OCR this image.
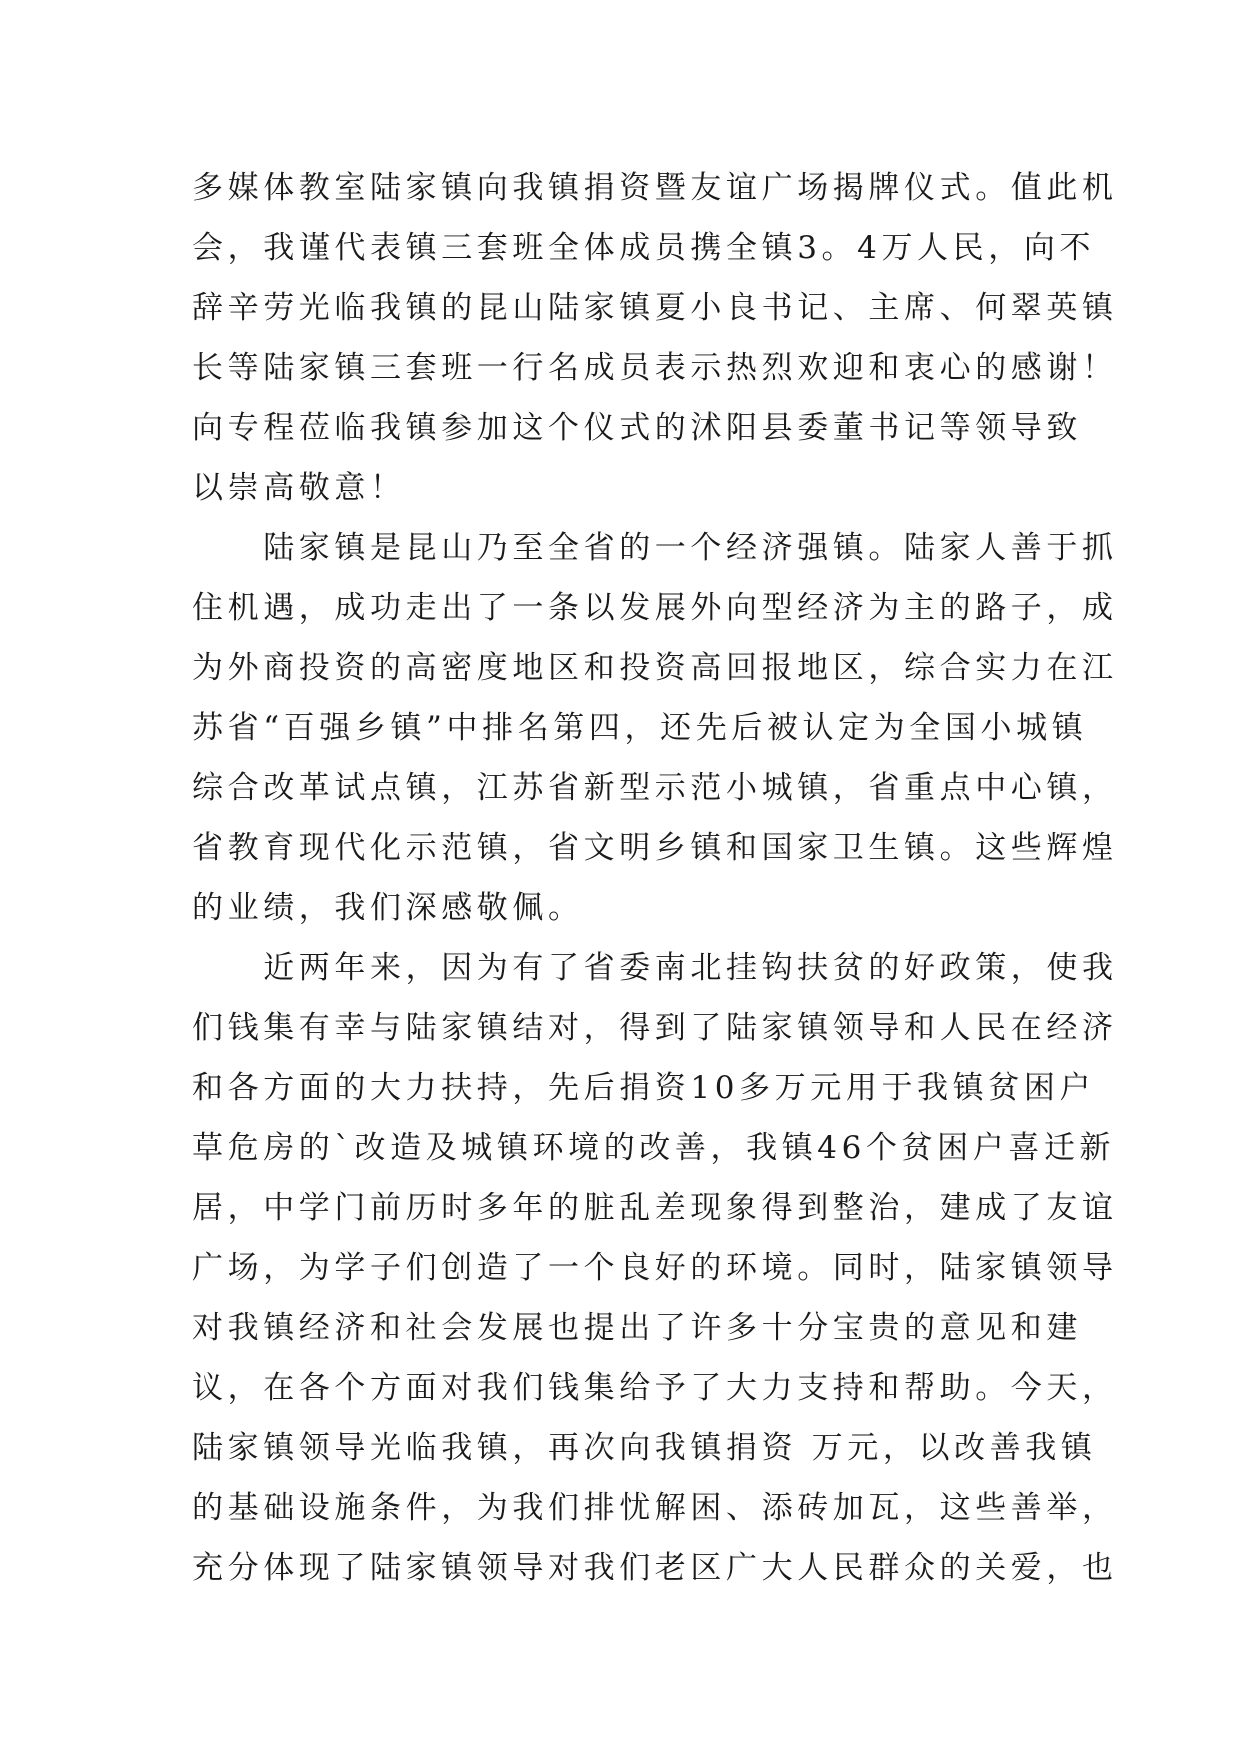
多媒体教室陆家镇向我镇捐资暨友谊广场揭牌仪式。值此机
会，我谨代表镇三套班全体成员携全镇3。4万人民，向不
辞辛劳光临我镇的昆山陆家镇夏小良书记、主席、何翠英镇
长等陆家镇三套班一行名成员表示热烈欢迎和衷心的感谢！
向专程莅临我镇参加这个仪式的沭阳县委董书记等领导致
以崇高敬意！
　　陆家镇是昆山乃至全省的一个经济强镇。陆家人善于抓
住机遇，成功走出了一条以发展外向型经济为主的路子，成
为外商投资的高密度地区和投资高回报地区，综合实力在江
苏省“百强乡镇”中排名第四，还先后被认定为全国小城镇
综合改革试点镇，江苏省新型示范小城镇，省重点中心镇，
省教育现代化示范镇，省文明乡镇和国家卫生镇。这些辉煌
的业绩，我们深感敬佩。
　　近两年来，因为有了省委南北挂钩扶贫的好政策，使我
们钱集有幸与陆家镇结对，得到了陆家镇领导和人民在经济
和各方面的大力扶持，先后捐资10多万元用于我镇贫困户
草危房的`改造及城镇环境的改善，我镇46个贫困户喜迁新
居，中学门前历时多年的脏乱差现象得到整治，建成了友谊
广场，为学子们创造了一个良好的环境。同时，陆家镇领导
对我镇经济和社会发展也提出了许多十分宝贵的意见和建
议，在各个方面对我们钱集给予了大力支持和帮助。今天，
陆家镇领导光临我镇，再次向我镇捐资 万元，以改善我镇
的基础设施条件，为我们排忧解困、添砖加瓦，这些善举，
充分体现了陆家镇领导对我们老区广大人民群众的关爱，也
